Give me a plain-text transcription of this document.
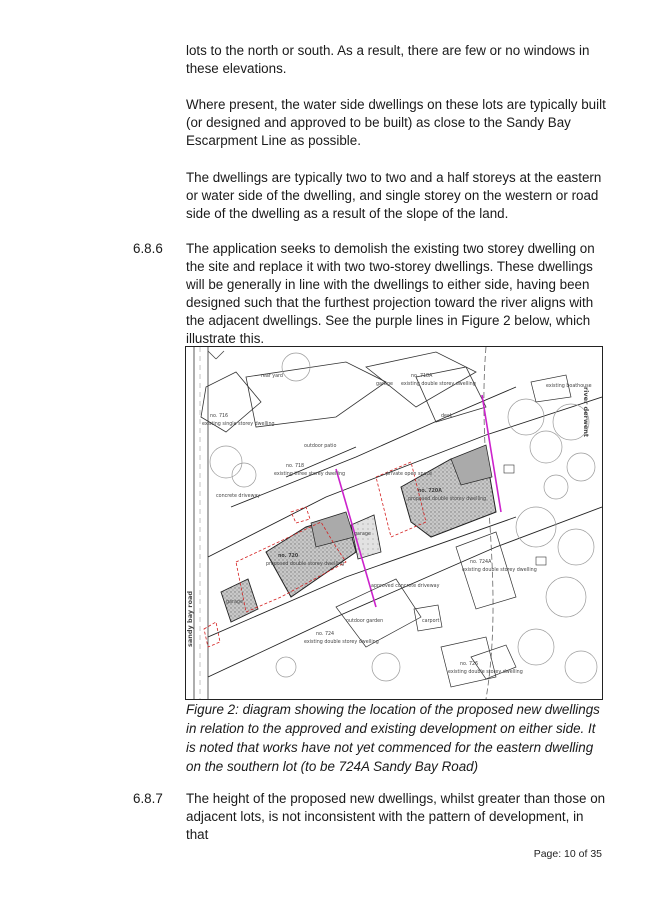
lots to the north or south. As a result, there are few or no windows in these elevations.

Where present, the water side dwellings on these lots are typically built (or designed and approved to be built) as close to the Sandy Bay Escarpment Line as possible.

The dwellings are typically two to two and a half storeys at the eastern or water side of the dwelling, and single storey on the western or road side of the dwelling as a result of the slope of the land.

6.8.6 The application seeks to demolish the existing two storey dwelling on the site and replace it with two two-storey dwellings. These dwellings will be generally in line with the dwellings to either side, having been designed such that the furthest projection toward the river aligns with the adjacent dwellings. See the purple lines in Figure 2 below, which illustrate this.

no. 720
proposed double storey dwelling
no. 720A
proposed double storey dwelling
no. 718
existing three storey dwelling
no. 716
existing single storey dwelling
no. 718A
existing double storey dwelling
no. 724
existing double storey dwelling
no. 724A
existing double storey dwelling
no. 726
existing double storey dwelling
garage
garage
garage
carport
deck
concrete driveway
approved concrete driveway
outdoor garden
outdoor patio
rear yard
private open space
existing boathouse
sandy bay road
river derwent

Figure 2: diagram showing the location of the proposed new dwellings in relation to the approved and existing development on either side. It is noted that works have not yet commenced for the eastern dwelling on the southern lot (to be 724A Sandy Bay Road)

6.8.7 The height of the proposed new dwellings, whilst greater than those on adjacent lots, is not inconsistent with the pattern of development, in that

Page: 10 of 35
